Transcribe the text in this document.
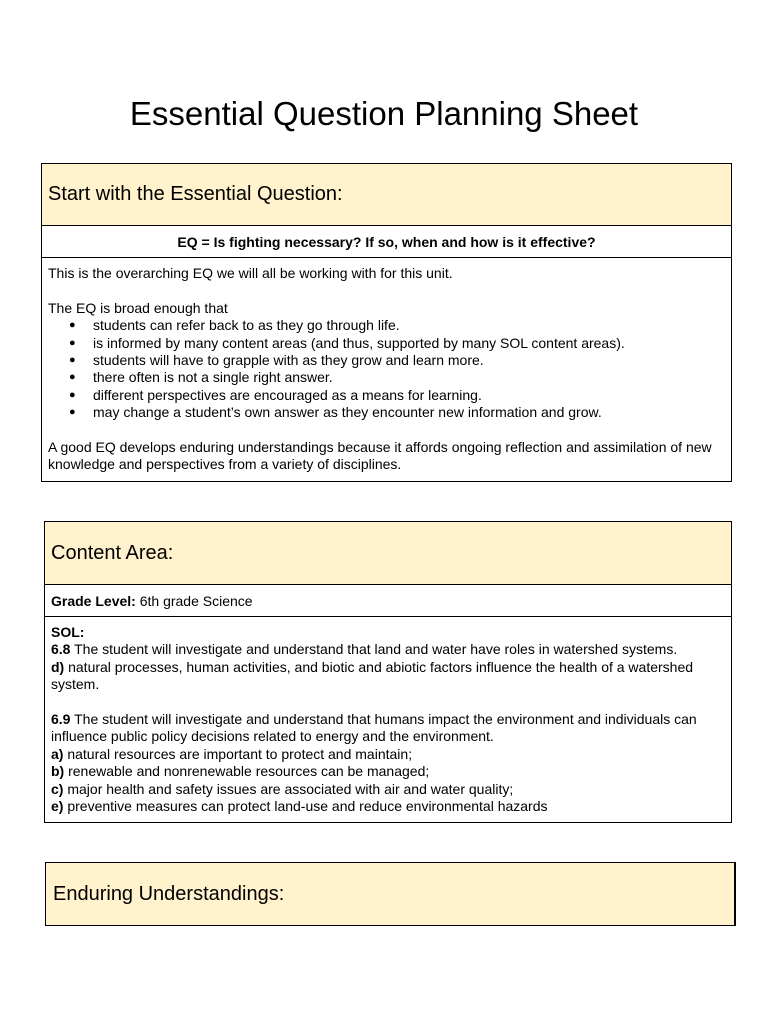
Essential Question Planning Sheet
Start with the Essential Question:
EQ = Is fighting necessary? If so, when and how is it effective?
This is the overarching EQ we will all be working with for this unit.
The EQ is broad enough that
● students can refer back to as they go through life.
● is informed by many content areas (and thus, supported by many SOL content areas).
● students will have to grapple with as they grow and learn more.
● there often is not a single right answer.
● different perspectives are encouraged as a means for learning.
● may change a student’s own answer as they encounter new information and grow.
A good EQ develops enduring understandings because it affords ongoing reflection and assimilation of new knowledge and perspectives from a variety of disciplines.
Content Area:
Grade Level: 6th grade Science
SOL:
6.8 The student will investigate and understand that land and water have roles in watershed systems.
d) natural processes, human activities, and biotic and abiotic factors influence the health of a watershed system.
6.9 The student will investigate and understand that humans impact the environment and individuals can influence public policy decisions related to energy and the environment.
a) natural resources are important to protect and maintain;
b) renewable and nonrenewable resources can be managed;
c) major health and safety issues are associated with air and water quality;
e) preventive measures can protect land-use and reduce environmental hazards
Enduring Understandings:
